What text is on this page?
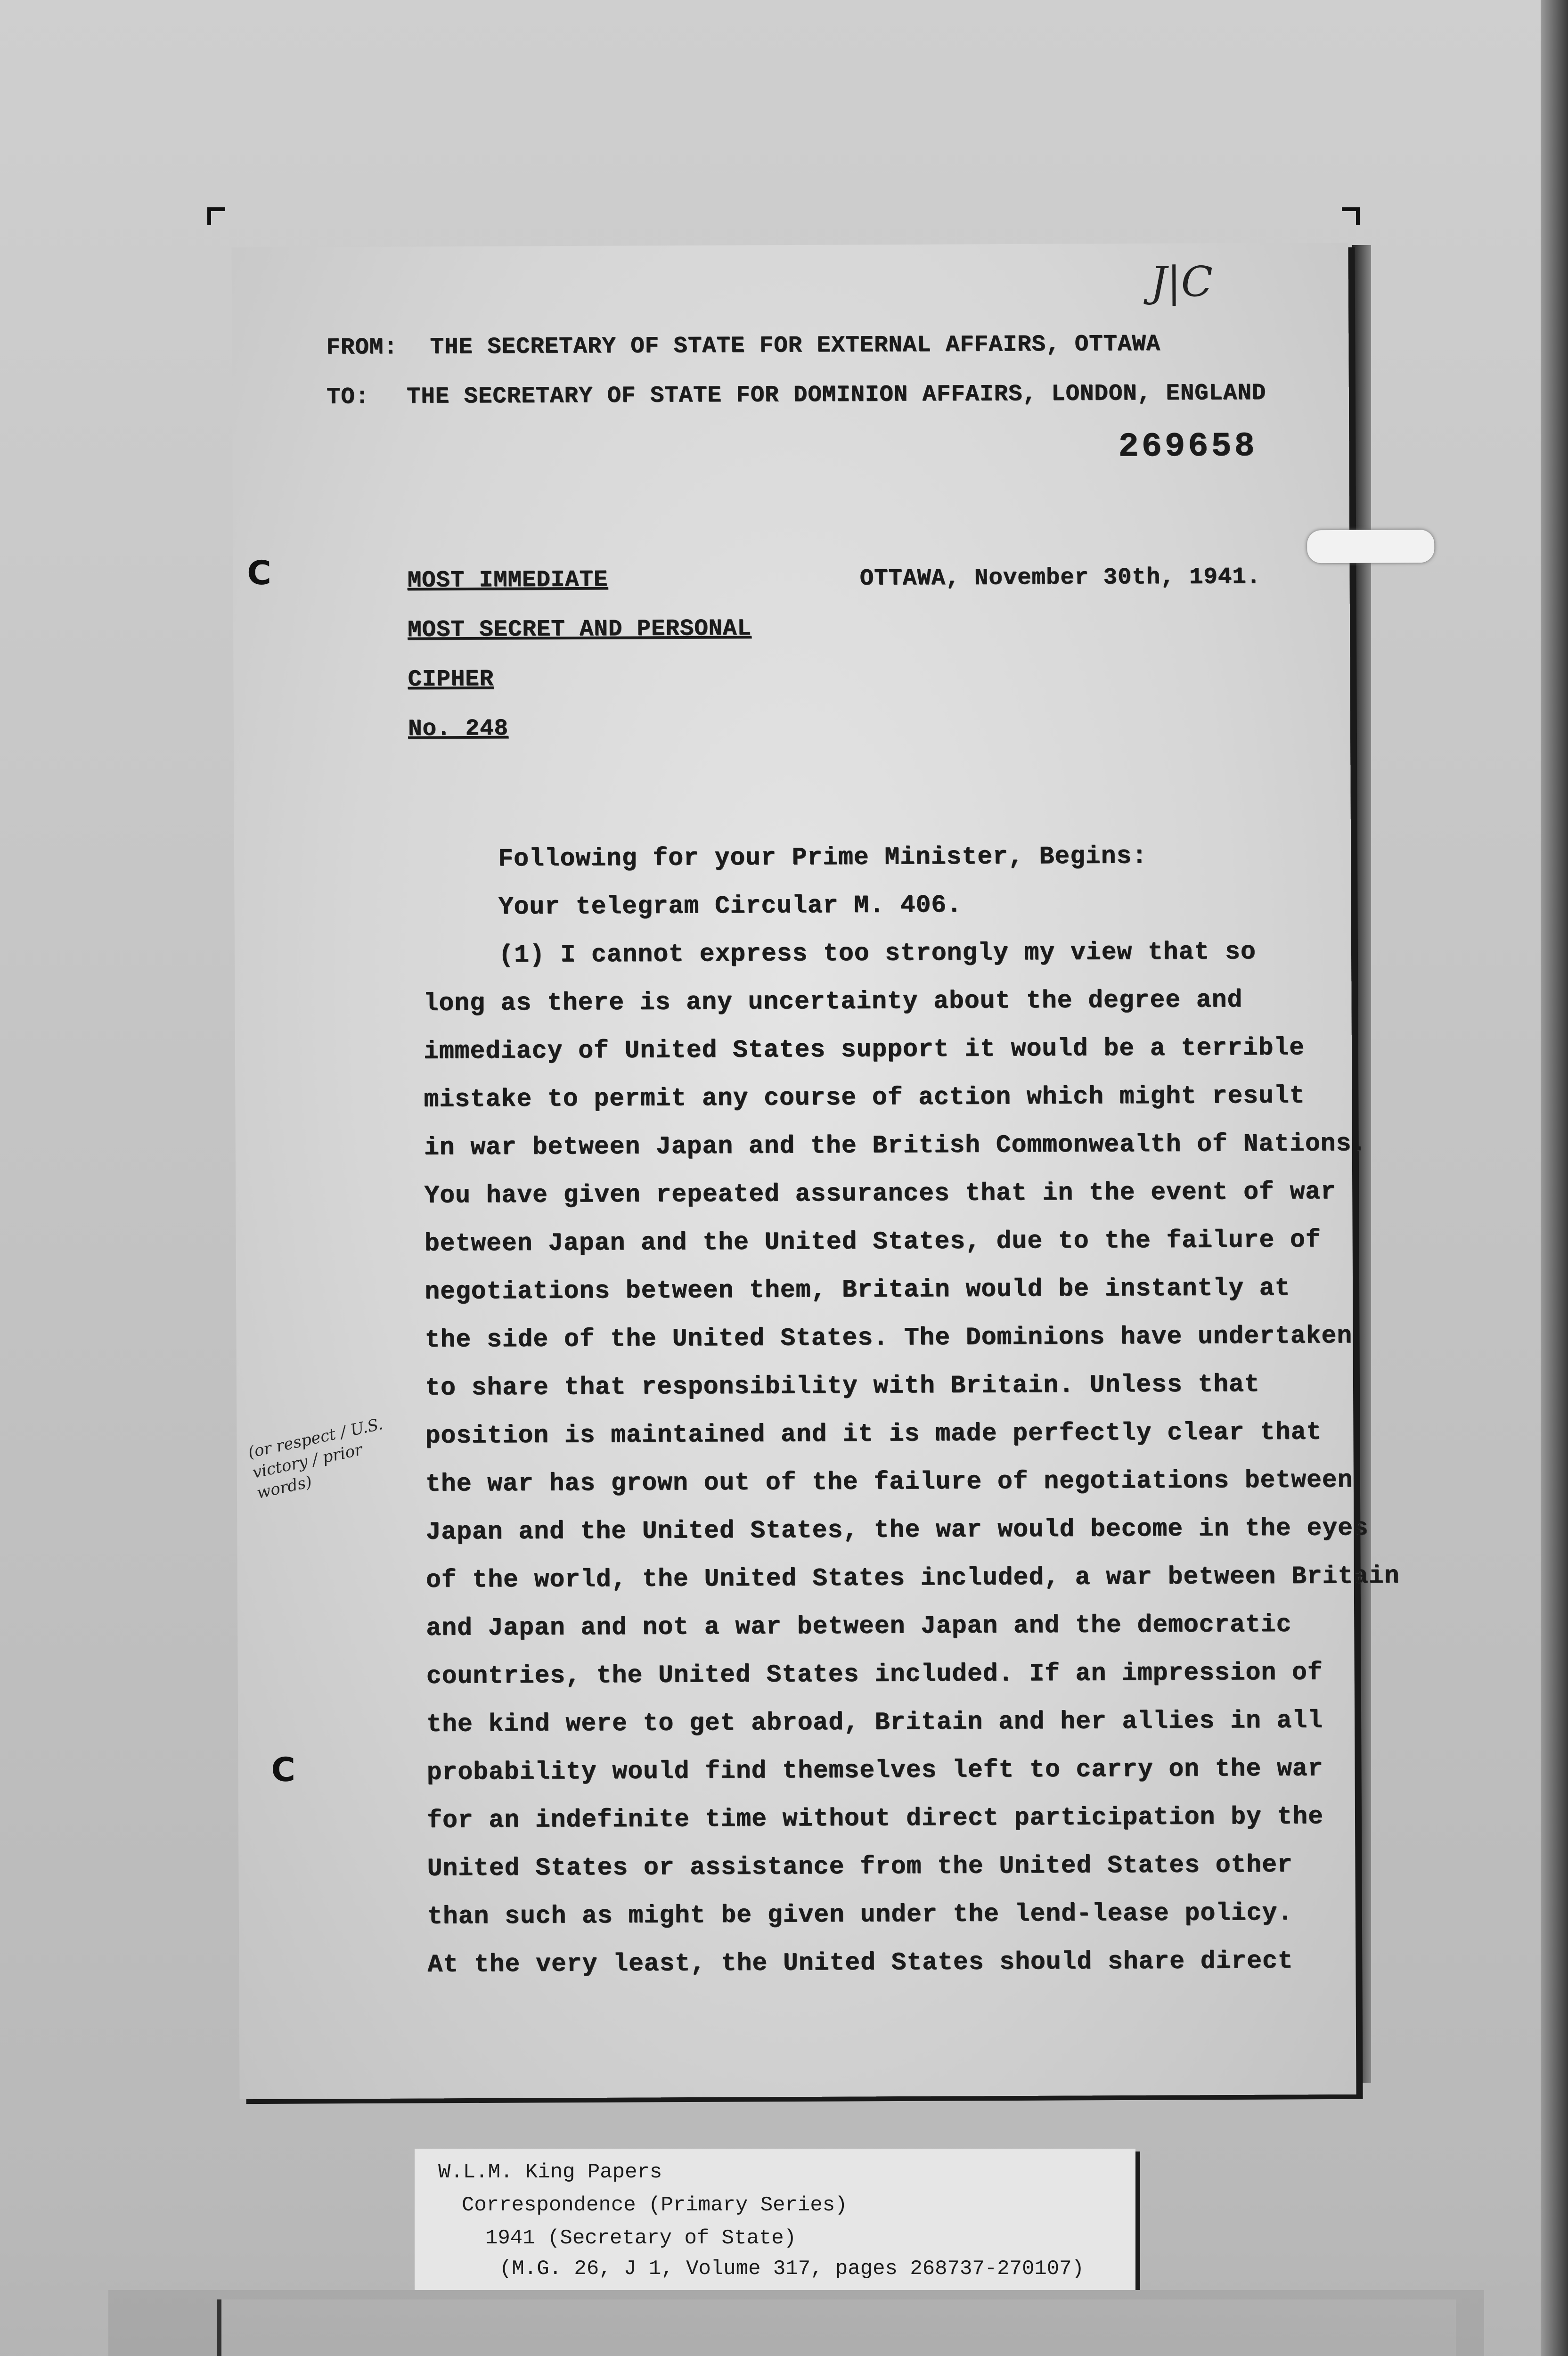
J|C
FROM: THE SECRETARY OF STATE FOR EXTERNAL AFFAIRS, OTTAWA
TO: THE SECRETARY OF STATE FOR DOMINION AFFAIRS, LONDON, ENGLAND
269658
C	MOST IMMEDIATE	OTTAWA, November 30th, 1941.
MOST SECRET AND PERSONAL
CIPHER
No. 248
Following for your Prime Minister, Begins:
Your telegram Circular M. 406.
(1) I cannot express too strongly my view that so
long as there is any uncertainty about the degree and
immediacy of United States support it would be a terrible
mistake to permit any course of action which might result
in war between Japan and the British Commonwealth of Nations.
You have given repeated assurances that in the event of war
between Japan and the United States, due to the failure of
negotiations between them, Britain would be instantly at
the side of the United States. The Dominions have undertaken
to share that responsibility with Britain. Unless that
position is maintained and it is made perfectly clear that
the war has grown out of the failure of negotiations between
Japan and the United States, the war would become in the eyes
of the world, the United States included, a war between Britain
and Japan and not a war between Japan and the democratic
countries, the United States included. If an impression of
the kind were to get abroad, Britain and her allies in all
probability would find themselves left to carry on the war
for an indefinite time without direct participation by the
United States or assistance from the United States other
than such as might be given under the lend-lease policy.
At the very least, the United States should share direct
(or respect / U.S. victory / prior words)
C
W.L.M. King Papers
Correspondence (Primary Series)
1941 (Secretary of State)
(M.G. 26, J 1, Volume 317, pages 268737-270107)
